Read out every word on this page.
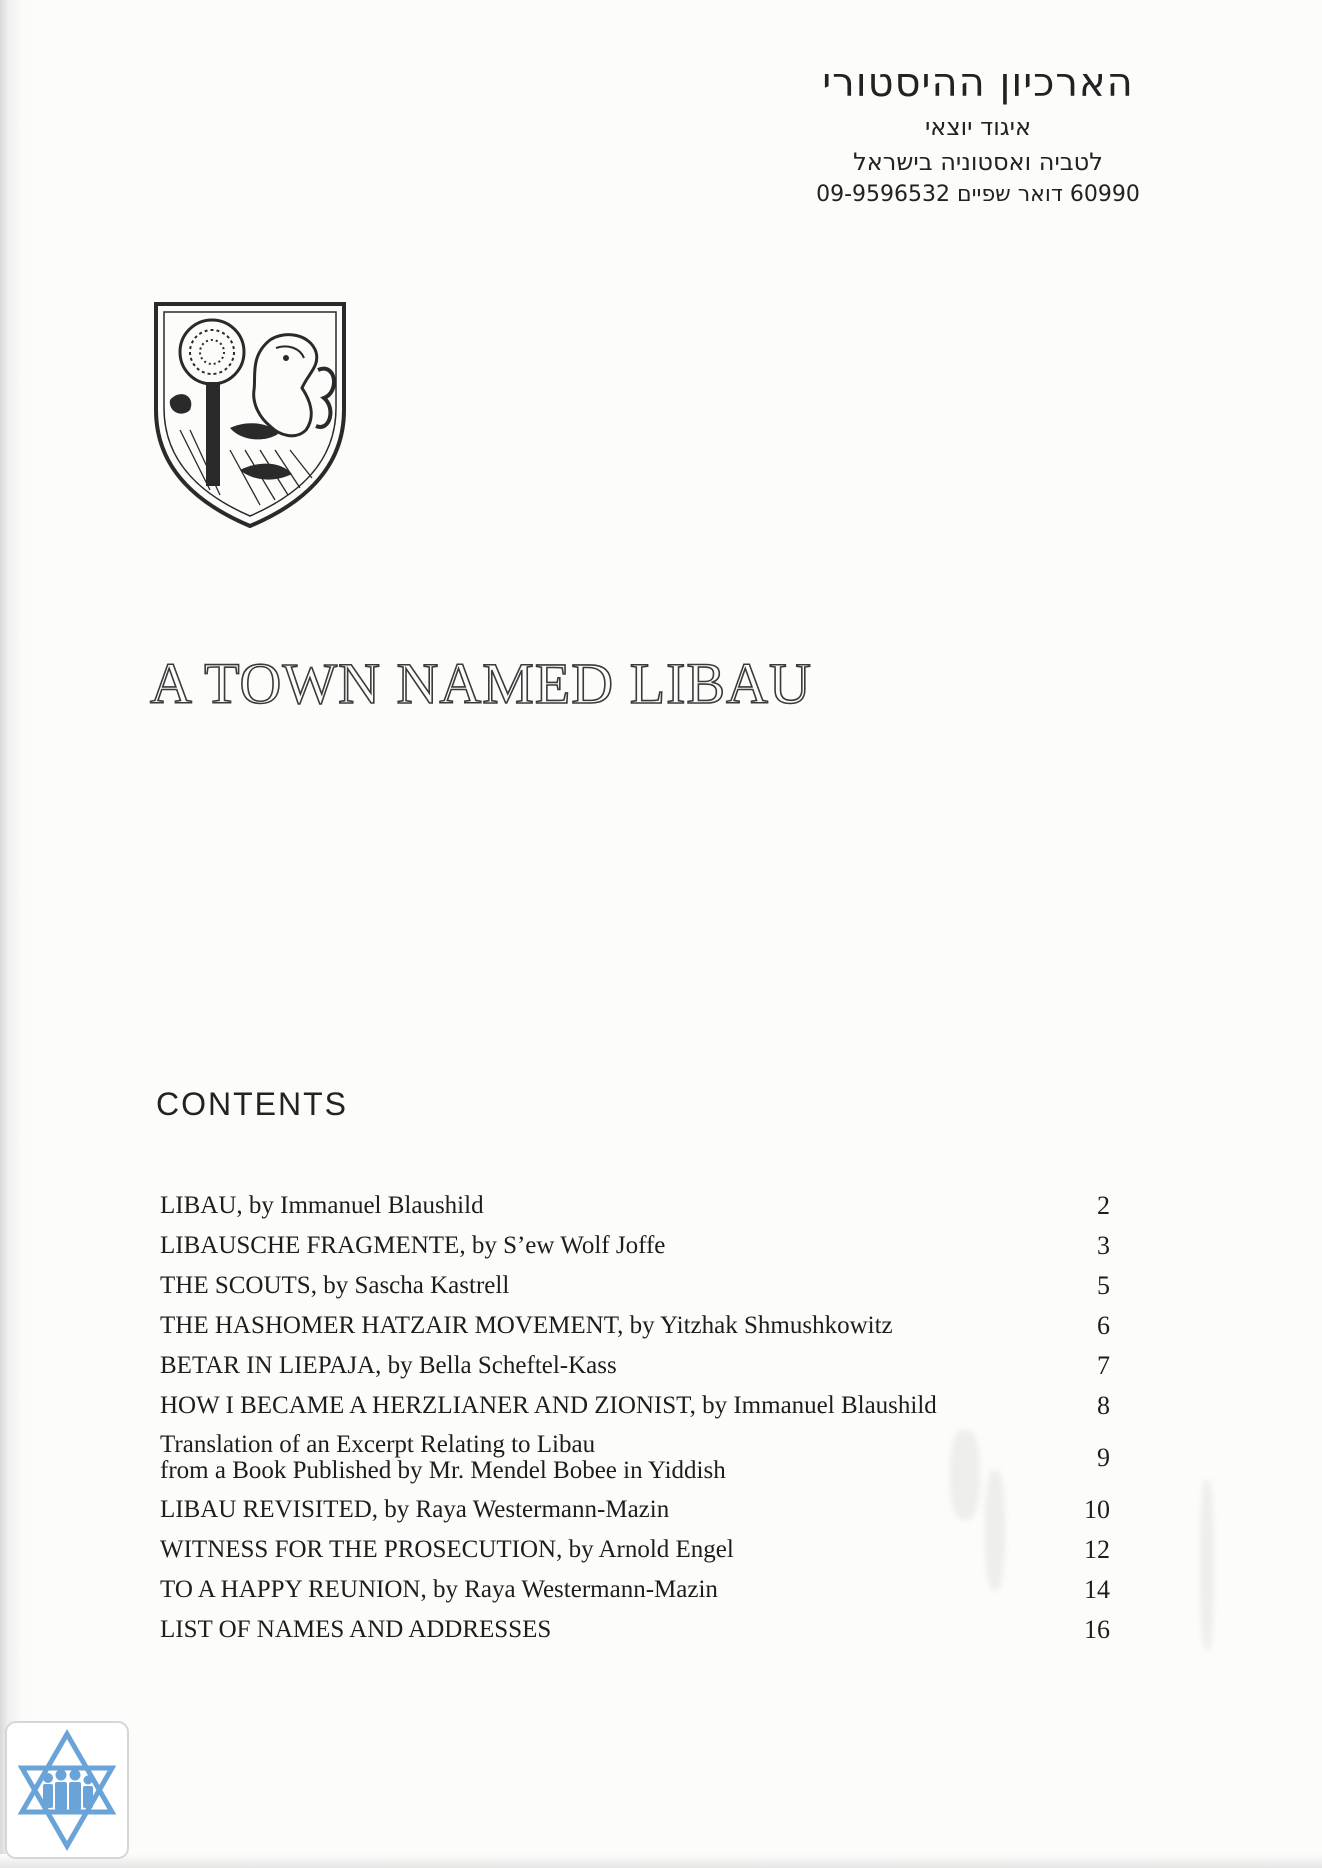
הארכיון ההיסטורי
איגוד יוצאי
לטביה ואסטוניה בישראל
60990 דואר שפיים 09-9596532
A TOWN NAMED LIBAU
CONTENTS
LIBAU, by Immanuel Blaushild	2
LIBAUSCHE FRAGMENTE, by S’ew Wolf Joffe	3
THE SCOUTS, by Sascha Kastrell	5
THE HASHOMER HATZAIR MOVEMENT, by Yitzhak Shmushkowitz	6
BETAR IN LIEPAJA, by Bella Scheftel-Kass	7
HOW I BECAME A HERZLIANER AND ZIONIST, by Immanuel Blaushild	8
Translation of an Excerpt Relating to Libau
from a Book Published by Mr. Mendel Bobee in Yiddish	9
LIBAU REVISITED, by Raya Westermann-Mazin	10
WITNESS FOR THE PROSECUTION, by Arnold Engel	12
TO A HAPPY REUNION, by Raya Westermann-Mazin	14
LIST OF NAMES AND ADDRESSES	16
